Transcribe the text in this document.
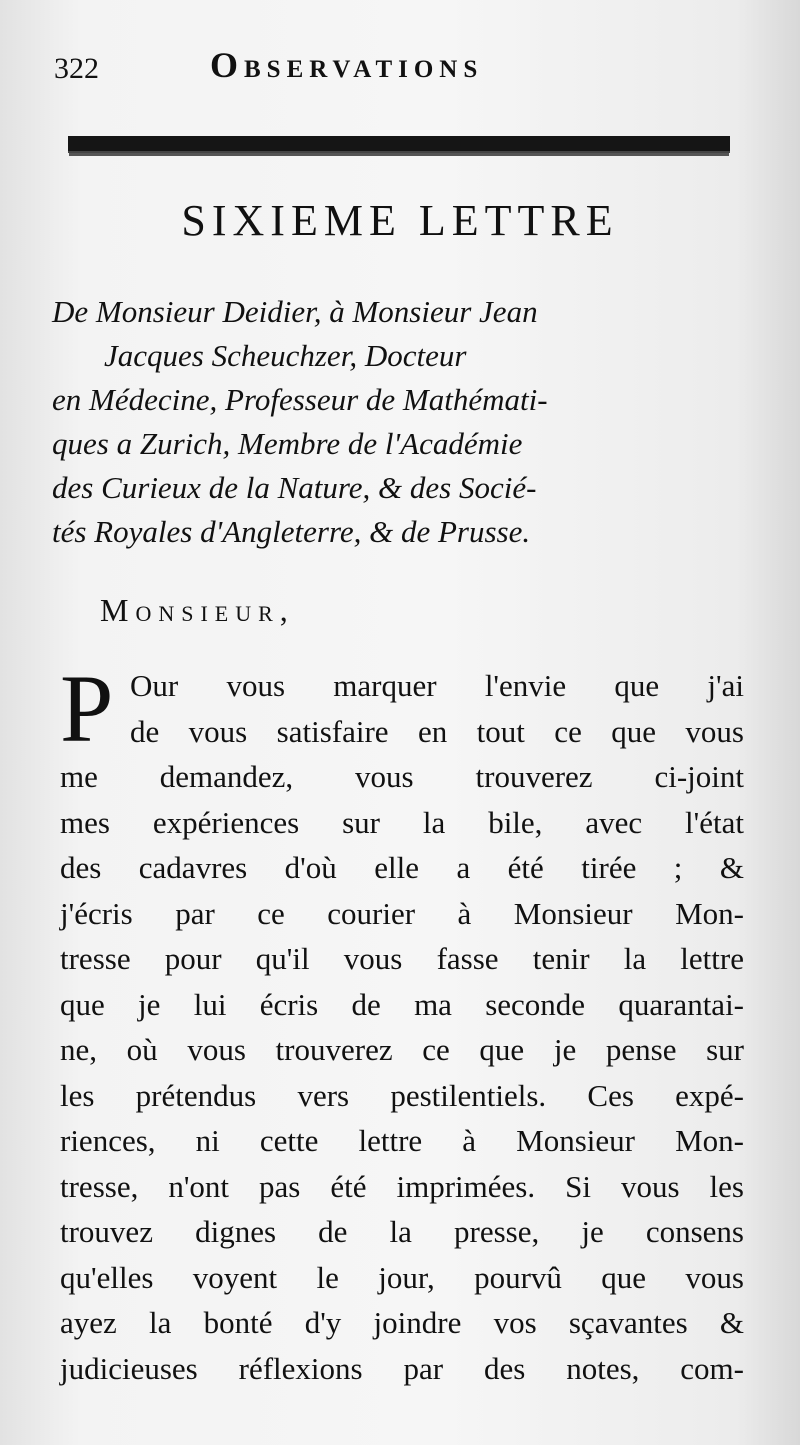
322	Observations
SIXIEME LETTRE
De Monsieur Deidier, à Monsieur Jean
Jacques Scheuchzer, Docteur
en Médecine, Professeur de Mathémati-
ques a Zurich, Membre de l'Académie
des Curieux de la Nature, & des Socié-
tés Royales d'Angleterre, & de Prusse.
Monsieur,
P Our vous marquer l'envie que j'ai
de vous satisfaire en tout ce que vous
me demandez, vous trouverez ci-joint
mes expériences sur la bile, avec l'état
des cadavres d'où elle a été tirée ; &
j'écris par ce courier à Monsieur Mon-
tresse pour qu'il vous fasse tenir la lettre
que je lui écris de ma seconde quarantai-
ne, où vous trouverez ce que je pense sur
les prétendus vers pestilentiels. Ces expé-
riences, ni cette lettre à Monsieur Mon-
tresse, n'ont pas été imprimées. Si vous les
trouvez dignes de la presse, je consens
qu'elles voyent le jour, pourvû que vous
ayez la bonté d'y joindre vos sçavantes &
judicieuses réflexions par des notes, com-
